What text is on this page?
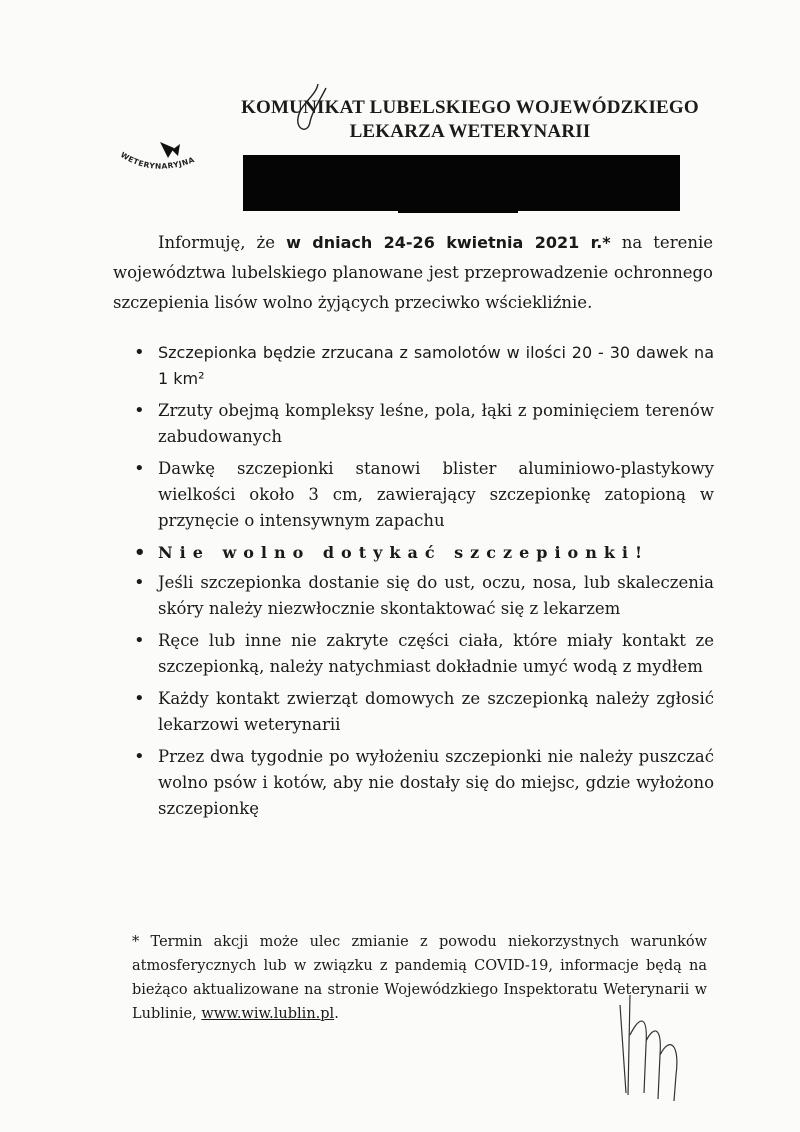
KOMUNIKAT LUBELSKIEGO WOJEWÓDZKIEGO
LEKARZA WETERYNARII
WETERYNARYJNA
Informuję, że w dniach 24-26 kwietnia 2021 r.* na terenie województwa lubelskiego planowane jest przeprowadzenie ochronnego szczepienia lisów wolno żyjących przeciwko wściekliźnie.
• Szczepionka będzie zrzucana z samolotów w ilości 20 - 30 dawek na 1 km²
• Zrzuty obejmą kompleksy leśne, pola, łąki z pominięciem terenów zabudowanych
• Dawkę szczepionki stanowi blister aluminiowo-plastykowy wielkości około 3 cm, zawierający szczepionkę zatopioną w przynęcie o intensywnym zapachu
• Nie wolno dotykać szczepionki!
• Jeśli szczepionka dostanie się do ust, oczu, nosa, lub skaleczenia skóry należy niezwłocznie skontaktować się z lekarzem
• Ręce lub inne nie zakryte części ciała, które miały kontakt ze szczepionką, należy natychmiast dokładnie umyć wodą z mydłem
• Każdy kontakt zwierząt domowych ze szczepionką należy zgłosić lekarzowi weterynarii
• Przez dwa tygodnie po wyłożeniu szczepionki nie należy puszczać wolno psów i kotów, aby nie dostały się do miejsc, gdzie wyłożono szczepionkę
* Termin akcji może ulec zmianie z powodu niekorzystnych warunków atmosferycznych lub w związku z pandemią COVID-19, informacje będą na bieżąco aktualizowane na stronie Wojewódzkiego Inspektoratu Weterynarii w Lublinie, www.wiw.lublin.pl.
